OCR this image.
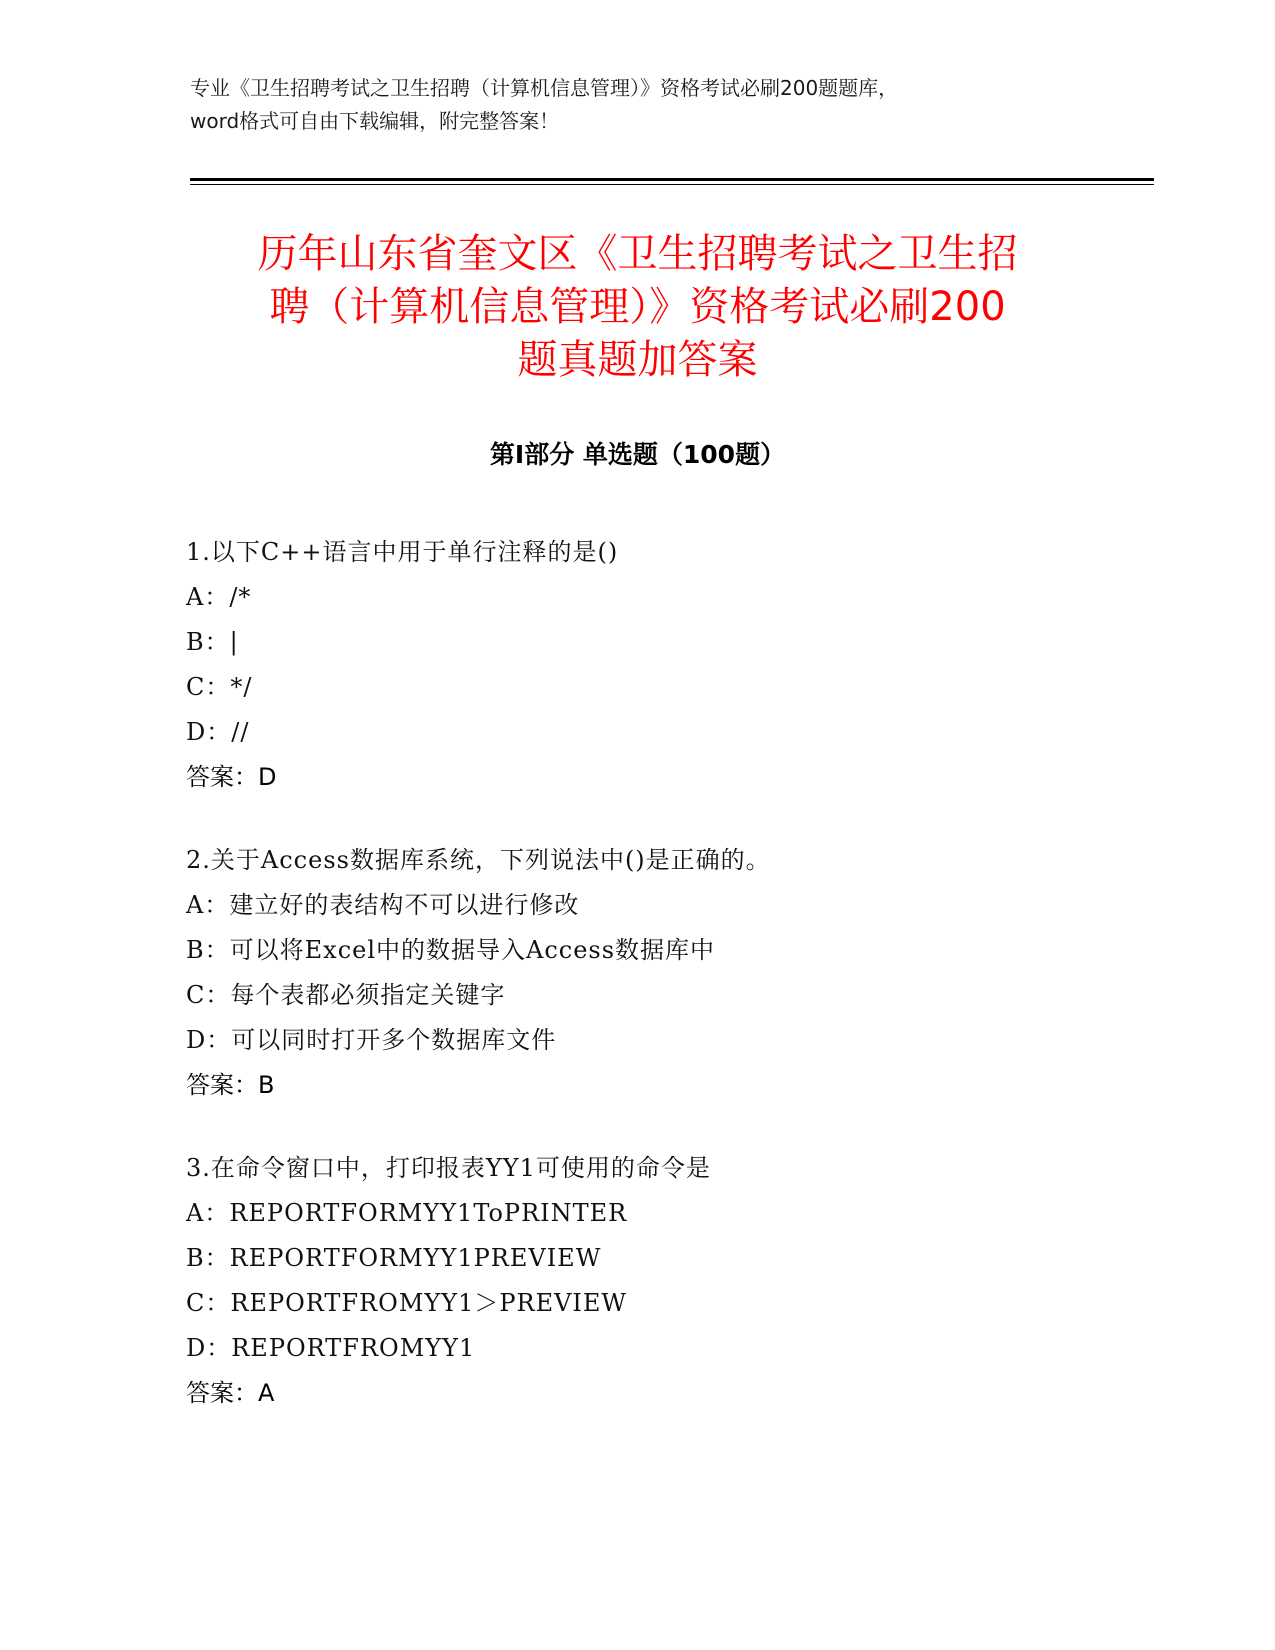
专业《卫生招聘考试之卫生招聘（计算机信息管理）》资格考试必刷200题题库，
word格式可自由下载编辑，附完整答案！
历年山东省奎文区《卫生招聘考试之卫生招
聘（计算机信息管理）》资格考试必刷200
题真题加答案
第Ⅰ部分 单选题（100题）
1.以下C++语言中用于单行注释的是()
A：/*
B：|
C：*/
D：//
答案：D
2.关于Access数据库系统，下列说法中()是正确的。
A：建立好的表结构不可以进行修改
B：可以将Excel中的数据导入Access数据库中
C：每个表都必须指定关键字
D：可以同时打开多个数据库文件
答案：B
3.在命令窗口中，打印报表YY1可使用的命令是
A：REPORTFORMYY1ToPRINTER
B：REPORTFORMYY1PREVIEW
C：REPORTFROMYY1＞PREVIEW
D：REPORTFROMYY1
答案：A
